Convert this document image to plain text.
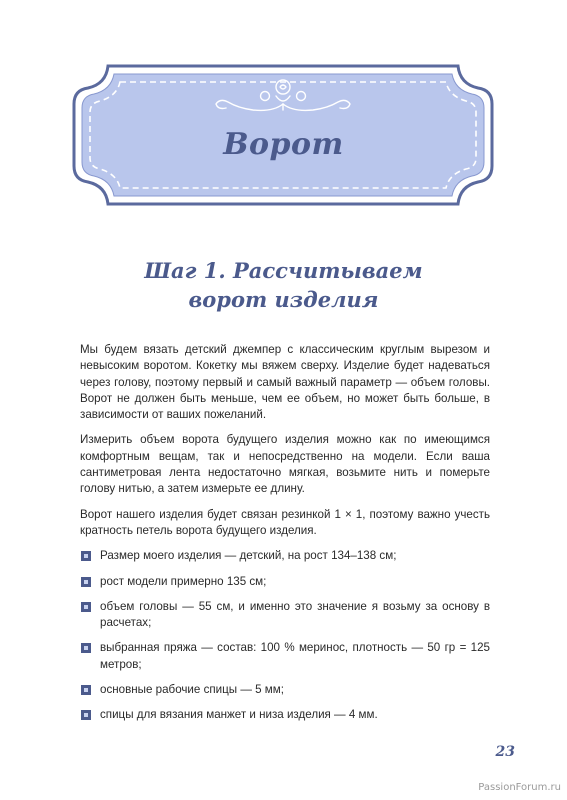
Ворот
Шаг 1. Рассчитываем
ворот изделия

Мы будем вязать детский джемпер с классическим круглым вырезом и невысоким воротом. Кокетку мы вяжем сверху. Изделие будет надеваться через голову, поэтому первый и самый важный параметр — объем головы. Ворот не должен быть меньше, чем ее объем, но может быть больше, в зависимости от ваших пожеланий.

Измерить объем ворота будущего изделия можно как по имеющимся комфортным вещам, так и непосредственно на модели. Если ваша сантиметровая лента недостаточно мягкая, возьмите нить и померьте голову нитью, а затем измерьте ее длину.

Ворот нашего изделия будет связан резинкой 1 × 1, поэтому важно учесть кратность петель ворота будущего изделия.

Размер моего изделия — детский, на рост 134–138 см;
рост модели примерно 135 см;
объем головы — 55 см, и именно это значение я возьму за основу в расчетах;
выбранная пряжа — состав: 100 % меринос, плотность — 50 гр = 125 метров;
основные рабочие спицы — 5 мм;
спицы для вязания манжет и низа изделия — 4 мм.
23
PassionForum.ru
